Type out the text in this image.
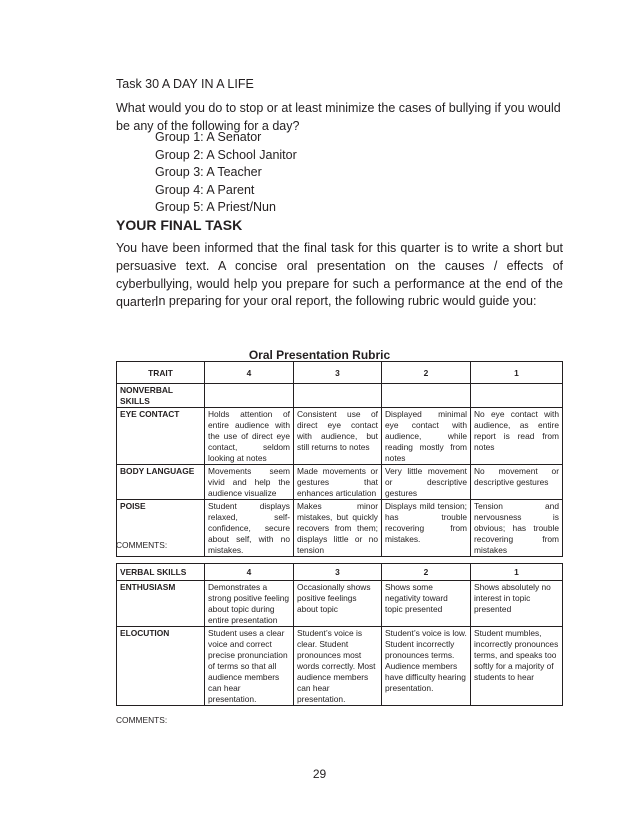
Task 30 A DAY IN A LIFE

What would you do to stop or at least minimize the cases of bullying if you would be any of the following for a day?

Group 1: A Senator
Group 2: A School Janitor
Group 3: A Teacher
Group 4: A Parent
Group 5: A Priest/Nun
YOUR FINAL TASK

You have been informed that the final task for this quarter is to write a short but persuasive text. A concise oral presentation on the causes / effects of cyberbullying, would help you prepare for such a performance at the end of the quarter.

In preparing for your oral report, the following rubric would guide you:

Oral Presentation Rubric
TRAIT	4	3	2	1
NONVERBAL SKILLS				
EYE CONTACT	Holds attention of entire audience with the use of direct eye contact, seldom looking at notes	Consistent use of direct eye contact with audience, but still returns to notes	Displayed minimal eye contact with audience, while reading mostly from notes	No eye contact with audience, as entire report is read from notes
BODY LANGUAGE	Movements seem vivid and help the audience visualize	Made movements or gestures that enhances articulation	Very little movement or descriptive gestures	No movement or descriptive gestures
POISE	Student displays relaxed, self-confidence, secure about self, with no mistakes.	Makes minor mistakes, but quickly recovers from them; displays little or no tension	Displays mild tension; has trouble recovering from mistakes.	Tension and nervousness is obvious; has trouble recovering from mistakes
COMMENTS:
VERBAL SKILLS	4	3	2	1
ENTHUSIASM	Demonstrates a strong positive feeling about topic during entire presentation	Occasionally shows positive feelings about topic	Shows some negativity toward topic presented	Shows absolutely no interest in topic presented
ELOCUTION	Student uses a clear voice and correct precise pronunciation of terms so that all audience members can hear presentation.	Student’s voice is clear. Student pronounces most words correctly. Most audience members can hear presentation.	Student’s voice is low. Student incorrectly pronounces terms. Audience members have difficulty hearing presentation.	Student mumbles, incorrectly pronounces terms, and speaks too softly for a majority of students to hear
COMMENTS:
29
